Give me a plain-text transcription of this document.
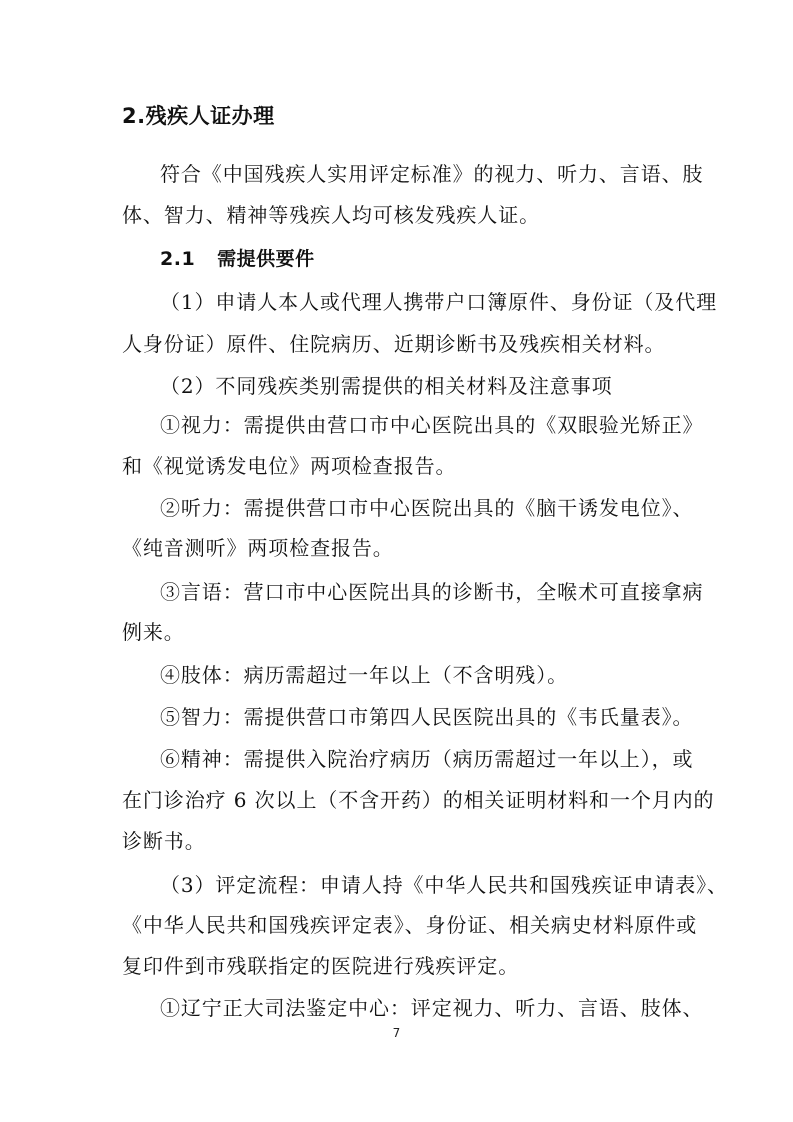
2.残疾人证办理
符合《中国残疾人实用评定标准》的视力、听力、言语、肢
体、智力、精神等残疾人均可核发残疾人证。
2.1 需提供要件
（1）申请人本人或代理人携带户口簿原件、身份证（及代理
人身份证）原件、住院病历、近期诊断书及残疾相关材料。
（2）不同残疾类别需提供的相关材料及注意事项
①视力：需提供由营口市中心医院出具的《双眼验光矫正》
和《视觉诱发电位》两项检查报告。
②听力：需提供营口市中心医院出具的《脑干诱发电位》、
《纯音测听》两项检查报告。
③言语：营口市中心医院出具的诊断书，全喉术可直接拿病
例来。
④肢体：病历需超过一年以上（不含明残）。
⑤智力：需提供营口市第四人民医院出具的《韦氏量表》。
⑥精神：需提供入院治疗病历（病历需超过一年以上），或
在门诊治疗 6 次以上（不含开药）的相关证明材料和一个月内的
诊断书。
（3）评定流程：申请人持《中华人民共和国残疾证申请表》、
《中华人民共和国残疾评定表》、身份证、相关病史材料原件或
复印件到市残联指定的医院进行残疾评定。
①辽宁正大司法鉴定中心：评定视力、听力、言语、肢体、
7
